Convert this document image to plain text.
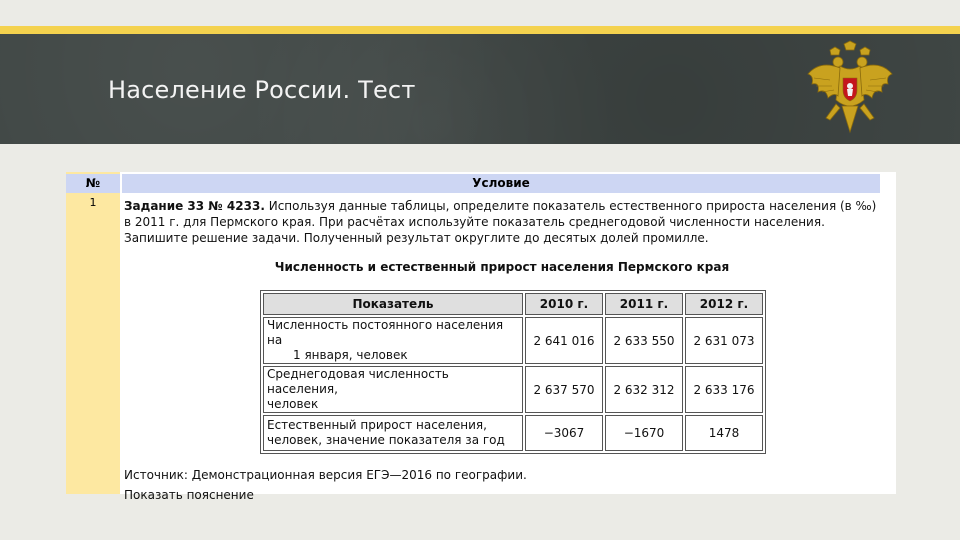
Население России. Тест
№	Условие
1	Задание 33 № 4233. Используя данные таблицы, определите показатель естественного прироста населения (в ‰) в 2011 г. для Пермского края. При расчётах используйте показатель среднегодовой численности населения. Запишите решение задачи. Полученный результат округлите до десятых долей промилле.
Численность и естественный прирост населения Пермского края
Показатель	2010 г.	2011 г.	2012 г.

Численность постоянного населения на
1 января, человек	2 641 016	2 633 550	2 631 073

Среднегодовая численность населения,
человек	2 637 570	2 632 312	2 633 176

Естественный прирост населения,
человек, значение показателя за год	−3067	−1670	1478
Источник: Демонстрационная версия ЕГЭ—2016 по географии.
Показать пояснение
